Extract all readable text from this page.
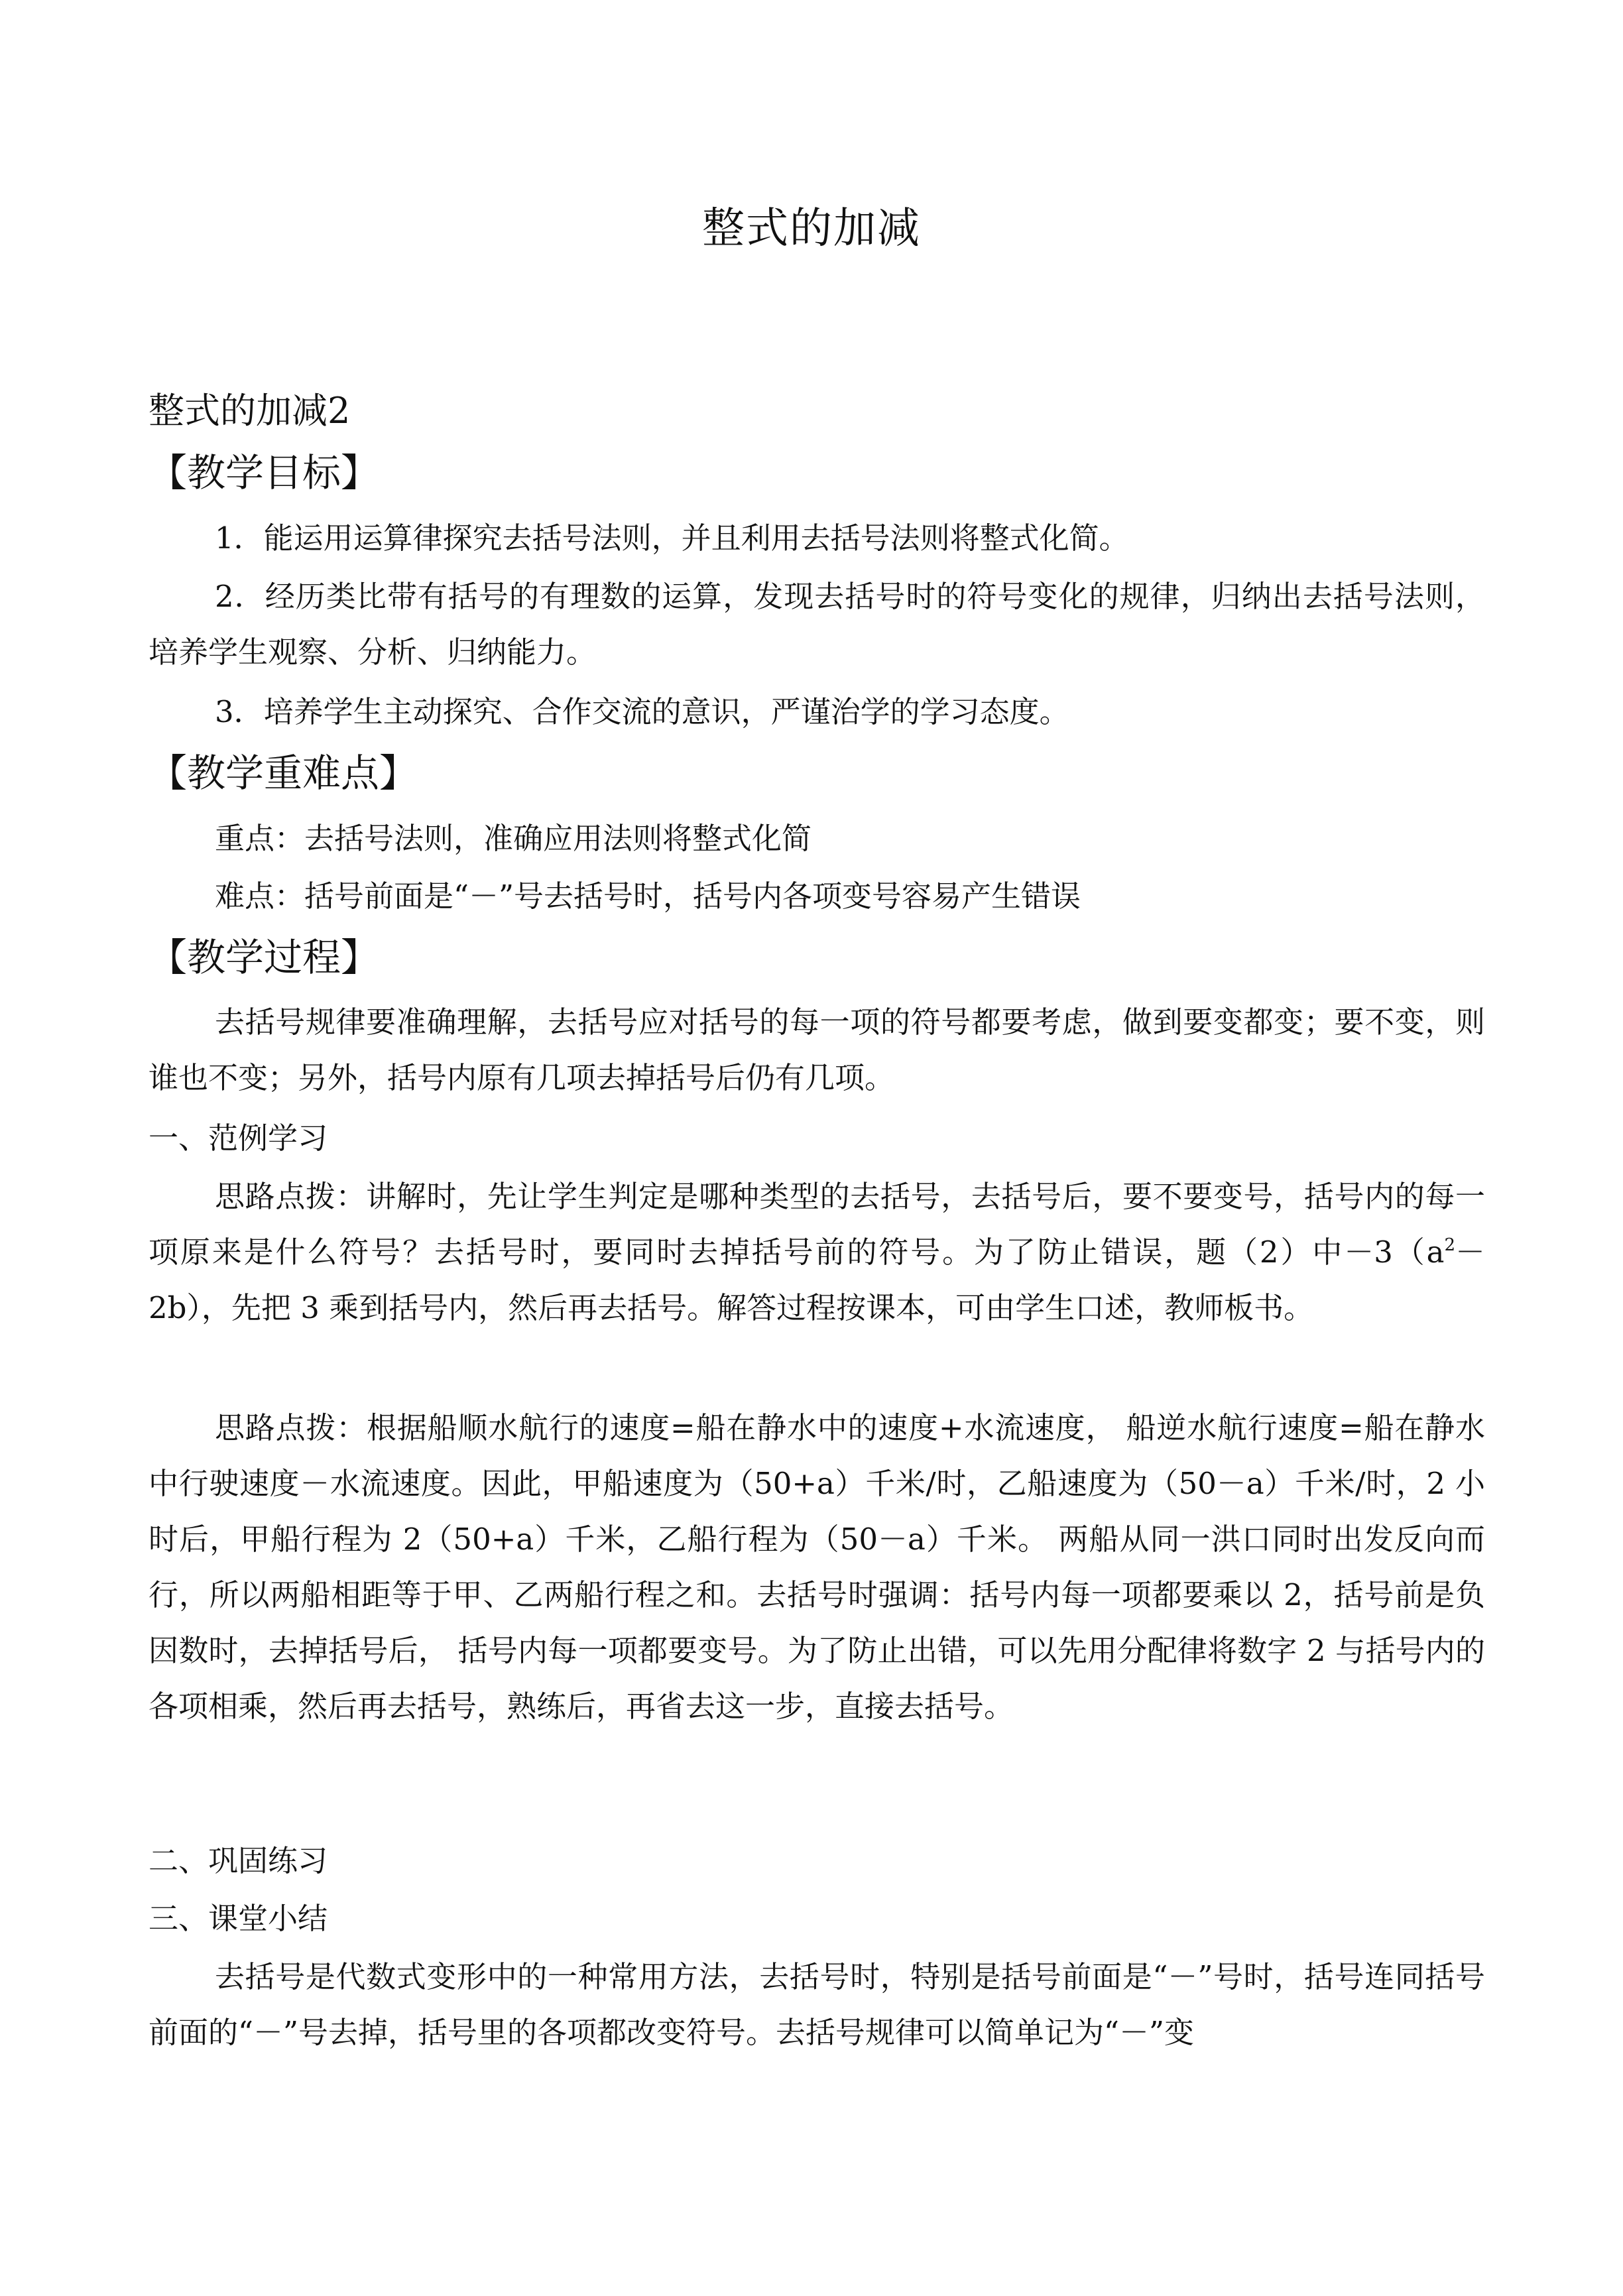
整式的加减
整式的加减2
【教学目标】
1．能运用运算律探究去括号法则，并且利用去括号法则将整式化简。
2．经历类比带有括号的有理数的运算，发现去括号时的符号变化的规律，归纳出去括号法则，培养学生观察、分析、归纳能力。
3．培养学生主动探究、合作交流的意识，严谨治学的学习态度。
【教学重难点】
重点：去括号法则，准确应用法则将整式化简
难点：括号前面是“－”号去括号时，括号内各项变号容易产生错误
【教学过程】
去括号规律要准确理解，去括号应对括号的每一项的符号都要考虑，做到要变都变；要不变，则谁也不变；另外，括号内原有几项去掉括号后仍有几项。
一、范例学习
思路点拨：讲解时，先让学生判定是哪种类型的去括号，去括号后，要不要变号，括号内的每一项原来是什么符号？去括号时，要同时去掉括号前的符号。为了防止错误，题（2）中$-3(a^2-2b)$，先把 3 乘到括号内，然后再去括号。解答过程按课本，可由学生口述，教师板书。
思路点拨：根据船顺水航行的速度=船在静水中的速度+水流速度， 船逆水航行速度=船在静水中行驶速度－水流速度。因此，甲船速度为（50+a）千米/时，乙船速度为（50－a）千米/时，2 小时后，甲船行程为 2（50+a）千米，乙船行程为（50－a）千米。 两船从同一洪口同时出发反向而行，所以两船相距等于甲、乙两船行程之和。去括号时强调：括号内每一项都要乘以 2，括号前是负因数时，去掉括号后， 括号内每一项都要变号。为了防止出错，可以先用分配律将数字 2 与括号内的各项相乘，然后再去括号，熟练后，再省去这一步，直接去括号。
二、巩固练习
三、课堂小结
去括号是代数式变形中的一种常用方法，去括号时，特别是括号前面是“－”号时，括号连同括号前面的“－”号去掉，括号里的各项都改变符号。去括号规律可以简单记为“－”变
